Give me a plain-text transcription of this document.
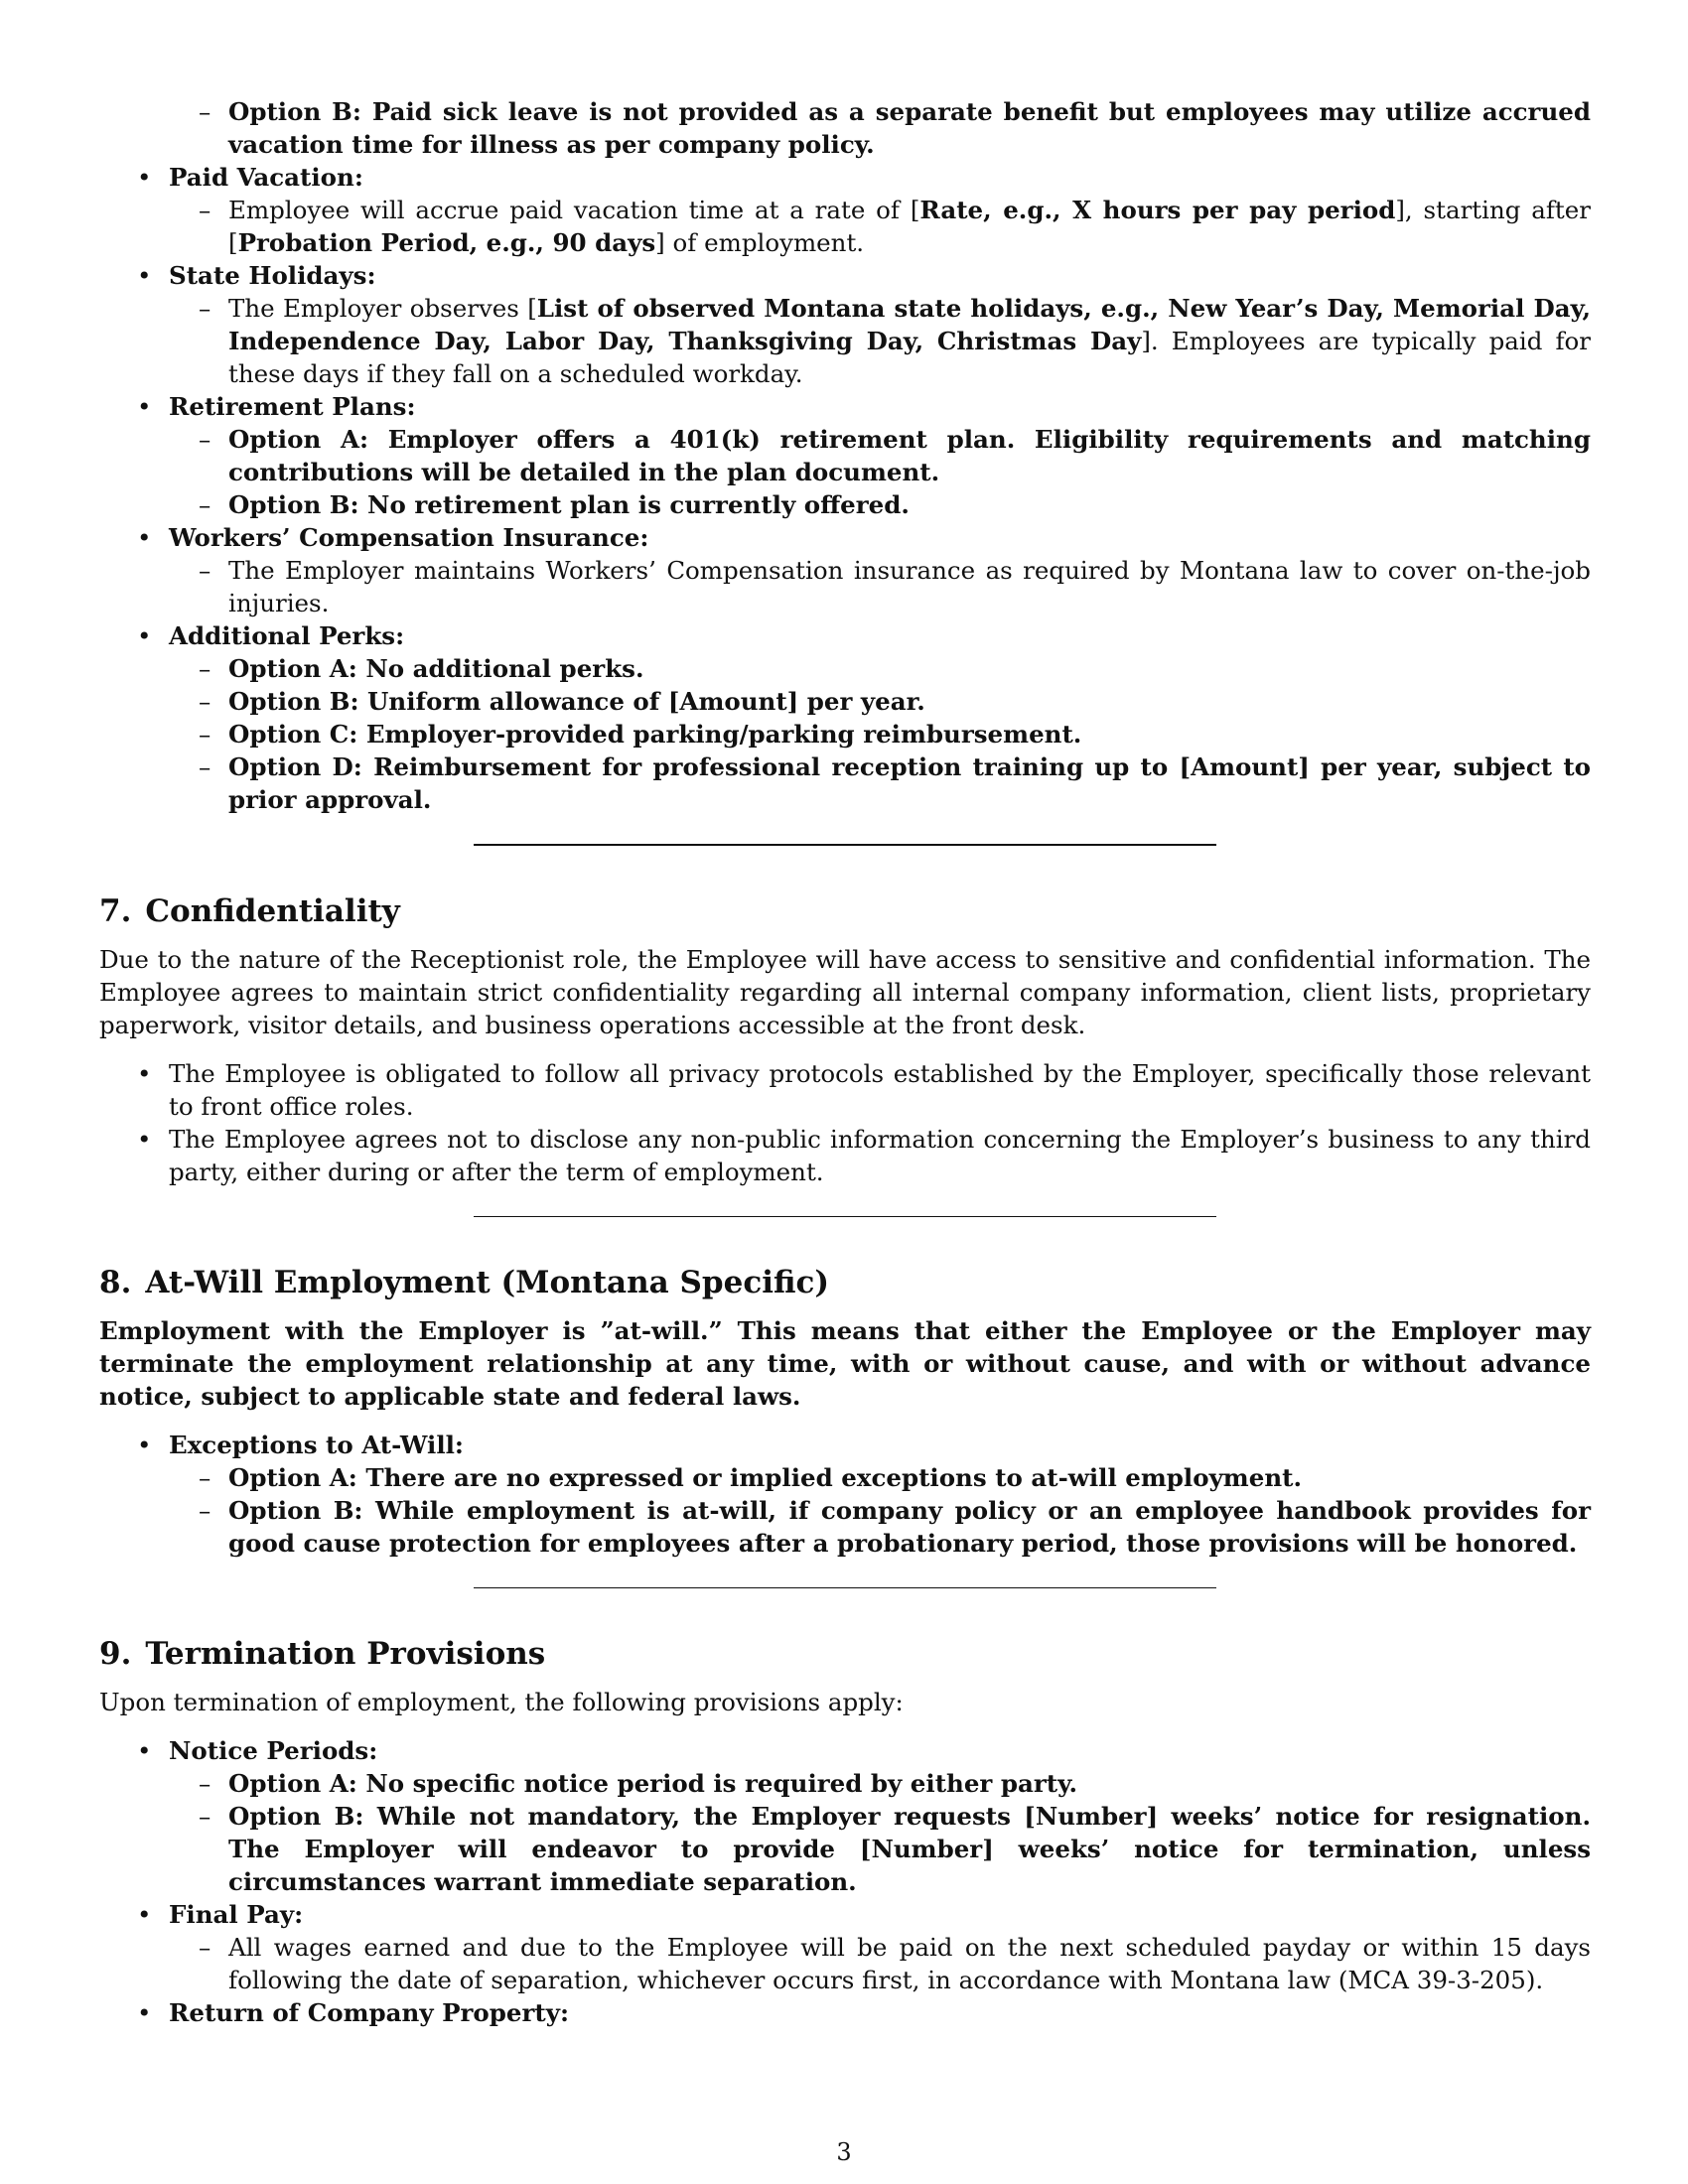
– Option B: Paid sick leave is not provided as a separate benefit but employees may utilize accrued vacation time for illness as per company policy.
• Paid Vacation:
– Employee will accrue paid vacation time at a rate of [Rate, e.g., X hours per pay period], starting after [Probation Period, e.g., 90 days] of employment.
• State Holidays:
– The Employer observes [List of observed Montana state holidays, e.g., New Year’s Day, Memorial Day, Independence Day, Labor Day, Thanksgiving Day, Christmas Day]. Employees are typically paid for these days if they fall on a scheduled workday.
• Retirement Plans:
– Option A: Employer offers a 401(k) retirement plan. Eligibility requirements and matching contributions will be detailed in the plan document.
– Option B: No retirement plan is currently offered.
• Workers’ Compensation Insurance:
– The Employer maintains Workers’ Compensation insurance as required by Montana law to cover on-the-job injuries.
• Additional Perks:
– Option A: No additional perks.
– Option B: Uniform allowance of [Amount] per year.
– Option C: Employer-provided parking/parking reimbursement.
– Option D: Reimbursement for professional reception training up to [Amount] per year, subject to prior approval.
7. Confidentiality

Due to the nature of the Receptionist role, the Employee will have access to sensitive and confidential information. The Employee agrees to maintain strict confidentiality regarding all internal company information, client lists, proprietary paperwork, visitor details, and business operations accessible at the front desk.

• The Employee is obligated to follow all privacy protocols established by the Employer, specifically those relevant to front office roles.
• The Employee agrees not to disclose any non-public information concerning the Employer’s business to any third party, either during or after the term of employment.
8. At-Will Employment (Montana Specific)

Employment with the Employer is ”at-will.” This means that either the Employee or the Employer may terminate the employment relationship at any time, with or without cause, and with or without advance notice, subject to applicable state and federal laws.

• Exceptions to At-Will:
– Option A: There are no expressed or implied exceptions to at-will employment.
– Option B: While employment is at-will, if company policy or an employee handbook provides for good cause protection for employees after a probationary period, those provisions will be honored.
9. Termination Provisions

Upon termination of employment, the following provisions apply:

• Notice Periods:
– Option A: No specific notice period is required by either party.
– Option B: While not mandatory, the Employer requests [Number] weeks’ notice for resignation. The Employer will endeavor to provide [Number] weeks’ notice for termination, unless circumstances warrant immediate separation.
• Final Pay:
– All wages earned and due to the Employee will be paid on the next scheduled payday or within 15 days following the date of separation, whichever occurs first, in accordance with Montana law (MCA 39-3-205).
• Return of Company Property:
3
